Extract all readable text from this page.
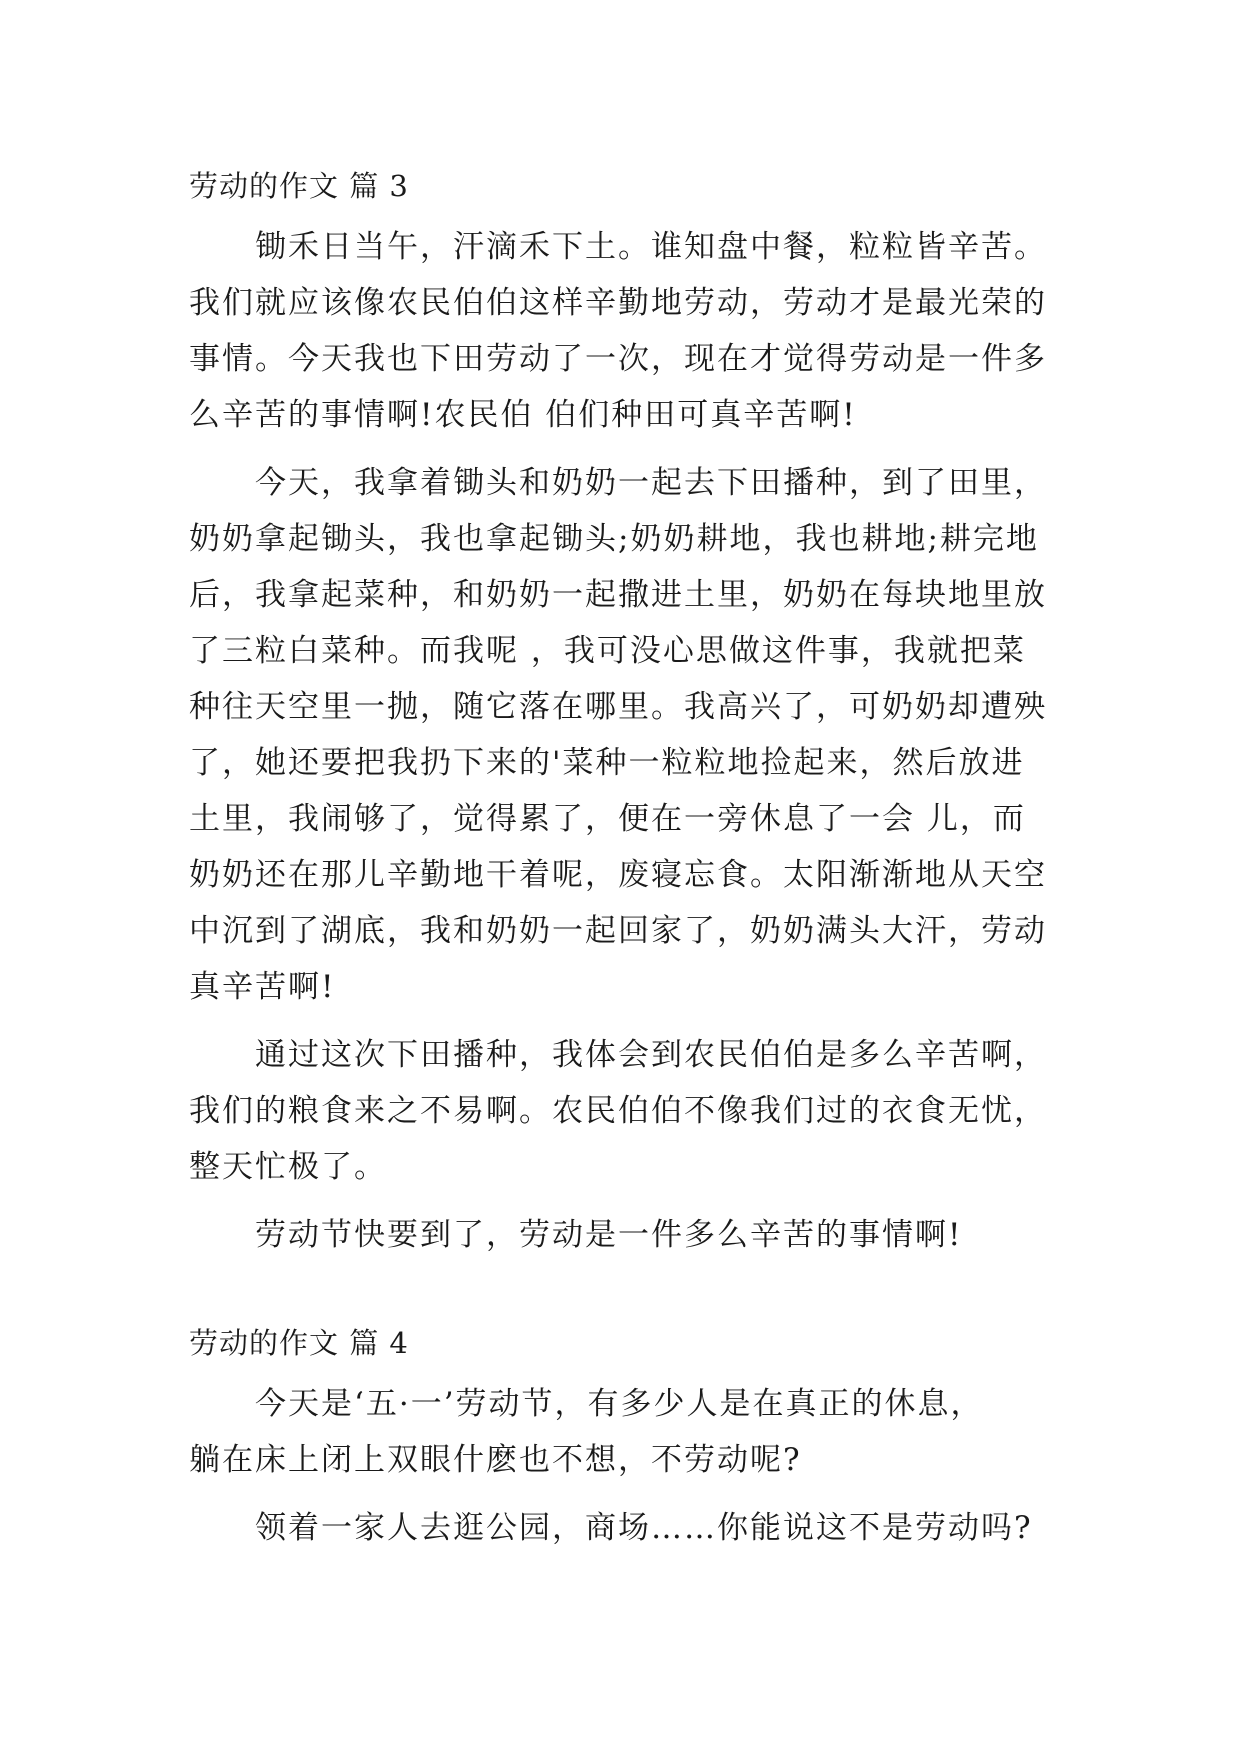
劳动的作文 篇 3
锄禾日当午，汗滴禾下土。谁知盘中餐，粒粒皆辛苦。
我们就应该像农民伯伯这样辛勤地劳动，劳动才是最光荣的
事情。今天我也下田劳动了一次，现在才觉得劳动是一件多
么辛苦的事情啊!农民伯 伯们种田可真辛苦啊!
今天，我拿着锄头和奶奶一起去下田播种，到了田里，
奶奶拿起锄头，我也拿起锄头;奶奶耕地，我也耕地;耕完地
后，我拿起菜种，和奶奶一起撒进土里，奶奶在每块地里放
了三粒白菜种。而我呢 ，我可没心思做这件事，我就把菜
种往天空里一抛，随它落在哪里。我高兴了，可奶奶却遭殃
了，她还要把我扔下来的'菜种一粒粒地捡起来，然后放进
土里，我闹够了，觉得累了，便在一旁休息了一会 儿，而
奶奶还在那儿辛勤地干着呢，废寝忘食。太阳渐渐地从天空
中沉到了湖底，我和奶奶一起回家了，奶奶满头大汗，劳动
真辛苦啊!
通过这次下田播种，我体会到农民伯伯是多么辛苦啊，
我们的粮食来之不易啊。农民伯伯不像我们过的衣食无忧，
整天忙极了。
劳动节快要到了，劳动是一件多么辛苦的事情啊!
劳动的作文 篇 4
今天是‘五·一’劳动节，有多少人是在真正的休息，
躺在床上闭上双眼什麽也不想，不劳动呢?
领着一家人去逛公园，商场……你能说这不是劳动吗?
